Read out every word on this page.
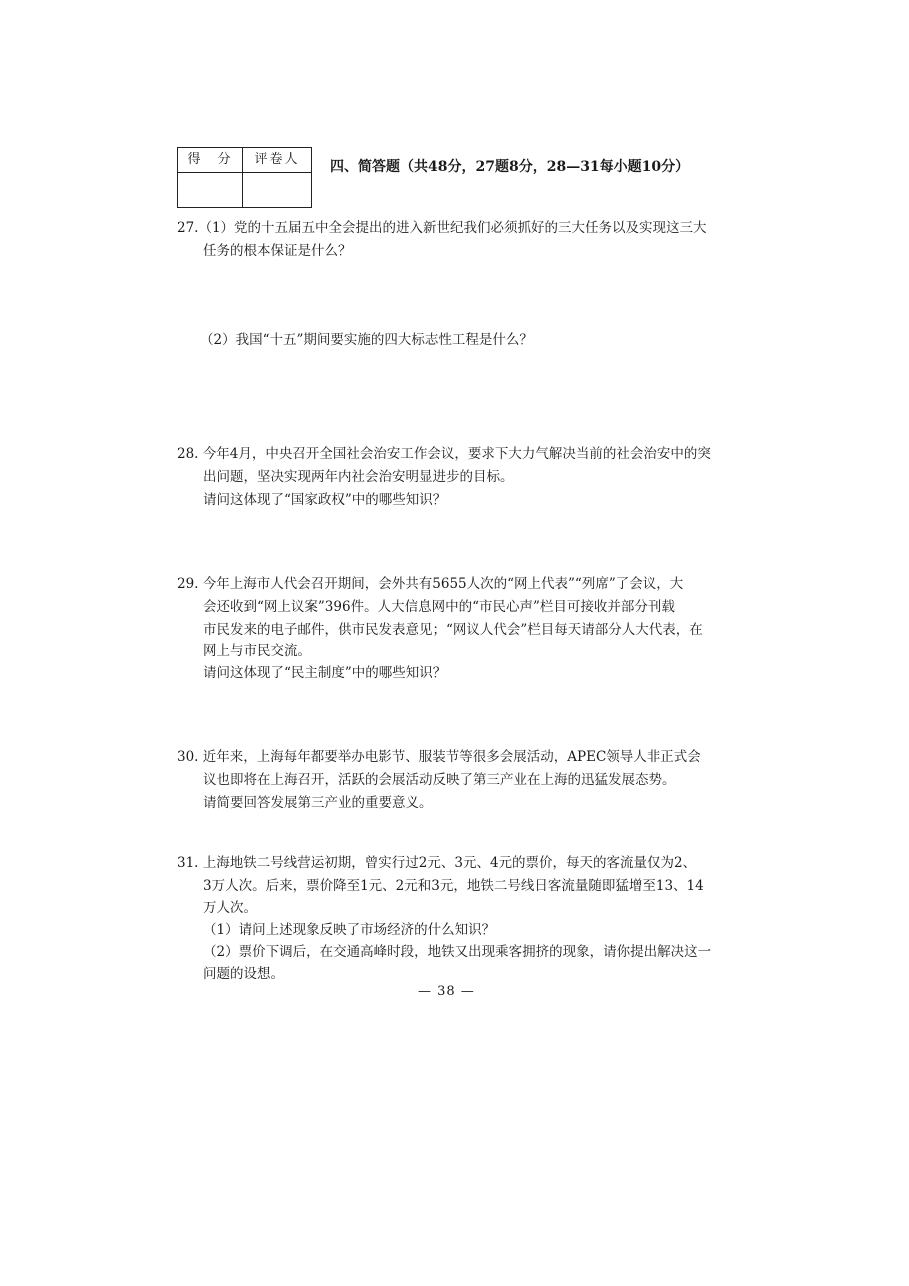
得　分	评卷人	四、简答题（共48分，27题8分，28—31每小题10分）
27.（1）党的十五届五中全会提出的进入新世纪我们必须抓好的三大任务以及实现这三大
任务的根本保证是什么？
（2）我国“十五”期间要实施的四大标志性工程是什么？
28. 今年4月，中央召开全国社会治安工作会议，要求下大力气解决当前的社会治安中的突
出问题，坚决实现两年内社会治安明显进步的目标。
请问这体现了“国家政权”中的哪些知识？
29. 今年上海市人代会召开期间，会外共有5655人次的“网上代表”“列席”了会议，大
会还收到“网上议案”396件。人大信息网中的“市民心声”栏目可接收并部分刊载
市民发来的电子邮件，供市民发表意见；“网议人代会”栏目每天请部分人大代表，在
网上与市民交流。
请问这体现了“民主制度”中的哪些知识？
30. 近年来，上海每年都要举办电影节、服装节等很多会展活动，APEC领导人非正式会
议也即将在上海召开，活跃的会展活动反映了第三产业在上海的迅猛发展态势。
请简要回答发展第三产业的重要意义。
31. 上海地铁二号线营运初期，曾实行过2元、3元、4元的票价，每天的客流量仅为2、
3万人次。后来，票价降至1元、2元和3元，地铁二号线日客流量随即猛增至13、14
万人次。
（1）请问上述现象反映了市场经济的什么知识？
（2）票价下调后，在交通高峰时段，地铁又出现乘客拥挤的现象，请你提出解决这一
问题的设想。
— 38 —
